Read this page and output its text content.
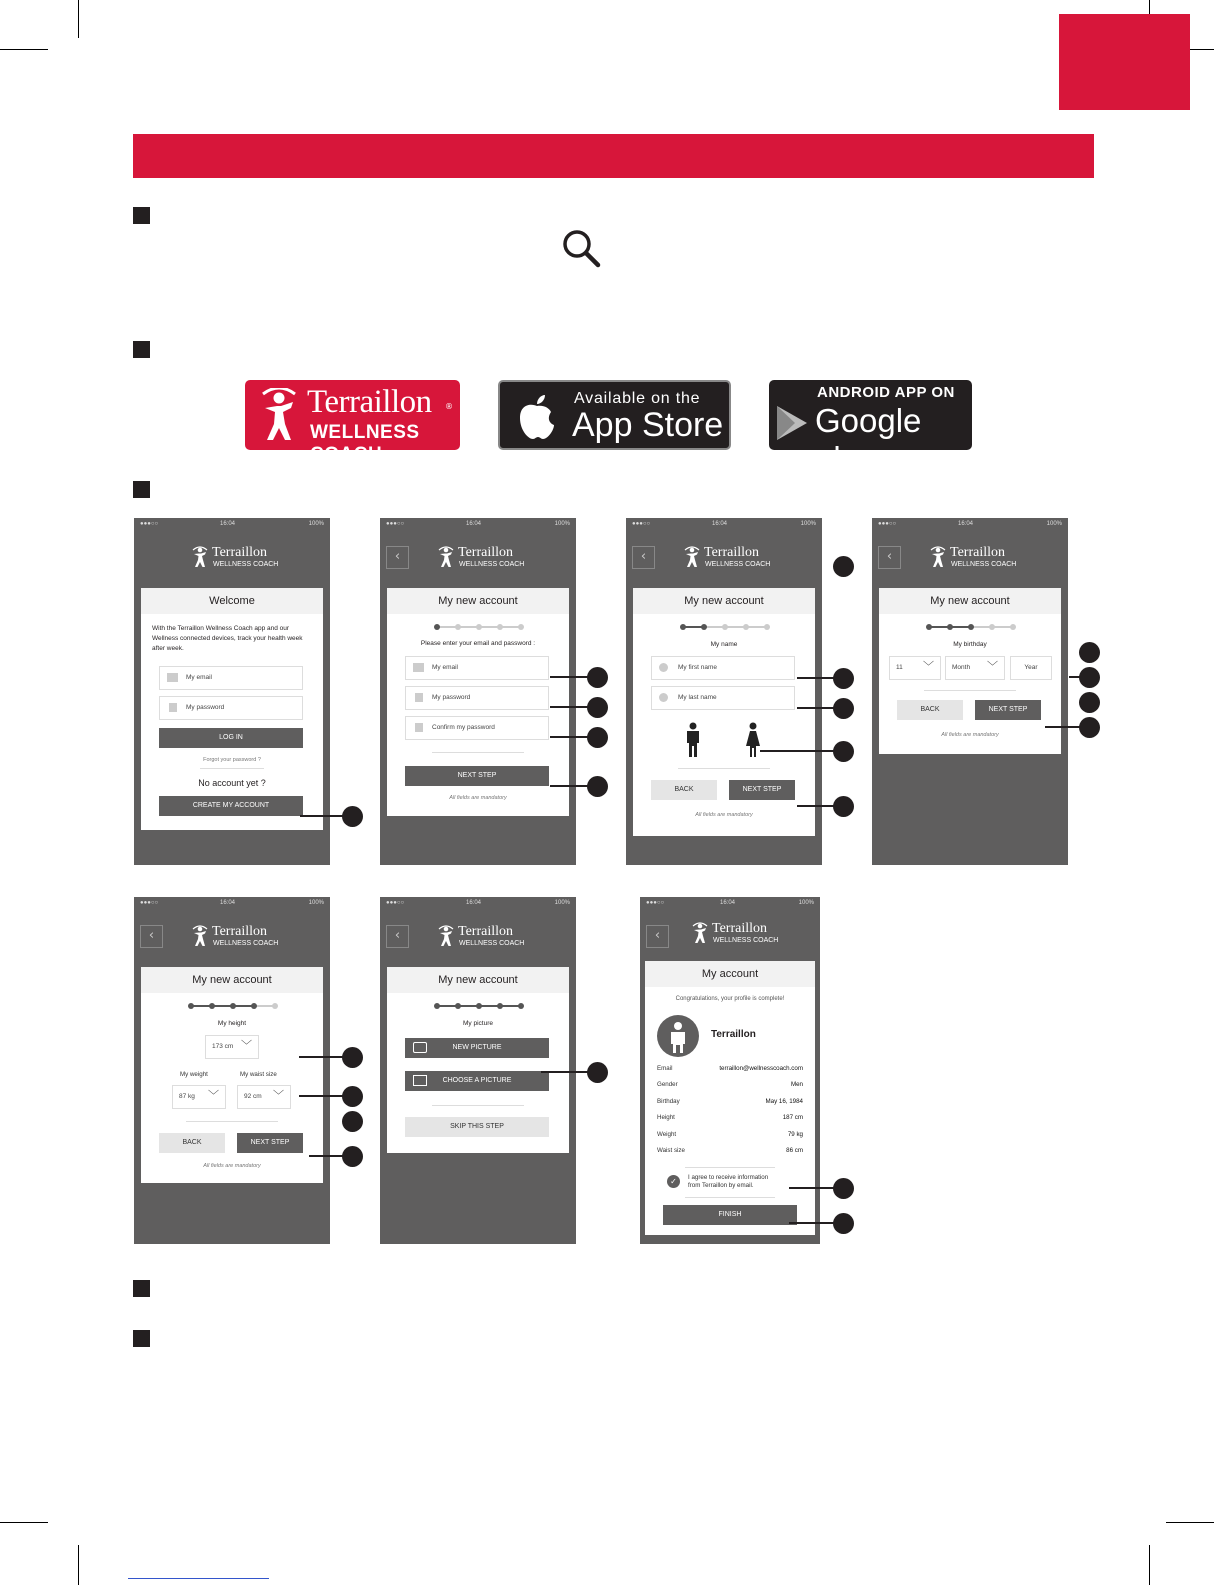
Terraillon ®
WELLNESS COACH
Available on the
App Store
ANDROID APP ON
Google play
●●●○○	16:04	100%
Terraillon
WELLNESS COACH
Welcome
With the Terraillon Wellness Coach app and our Wellness connected devices, track your health week after week.
My email
My password
LOG IN
Forgot your password ?
No account yet ?
CREATE MY ACCOUNT
●●●○○	16:04	100%
‹	Terraillon
WELLNESS COACH
My new account
Please enter your email and password :
My email
My password
Confirm my password
NEXT STEP
All fields are mandatory
●●●○○	16:04	100%
‹	Terraillon
WELLNESS COACH
My new account
My name
My first name
My last name
BACK	NEXT STEP
All fields are mandatory
●●●○○	16:04	100%
‹	Terraillon
WELLNESS COACH
My new account
My birthday
11 ﹀	Month ﹀	Year
BACK	NEXT STEP
All fields are mandatory
●●●○○	16:04	100%
‹	Terraillon
WELLNESS COACH
My new account
My height
173 cm ﹀
My weight	My waist size
87 kg ﹀	92 cm ﹀
BACK	NEXT STEP
All fields are mandatory
●●●○○	16:04	100%
‹	Terraillon
WELLNESS COACH
My new account
My picture
NEW PICTURE
CHOOSE A PICTURE
SKIP THIS STEP
●●●○○	16:04	100%
‹	Terraillon
WELLNESS COACH
My account
Congratulations, your profile is complete!
Terraillon
Email	terraillon@wellnesscoach.com
Gender	Men
Birthday	May 16, 1984
Height	187 cm
Weight	79 kg
Waist size	86 cm
✓	I agree to receive information
from Terraillon by email.
FINISH
